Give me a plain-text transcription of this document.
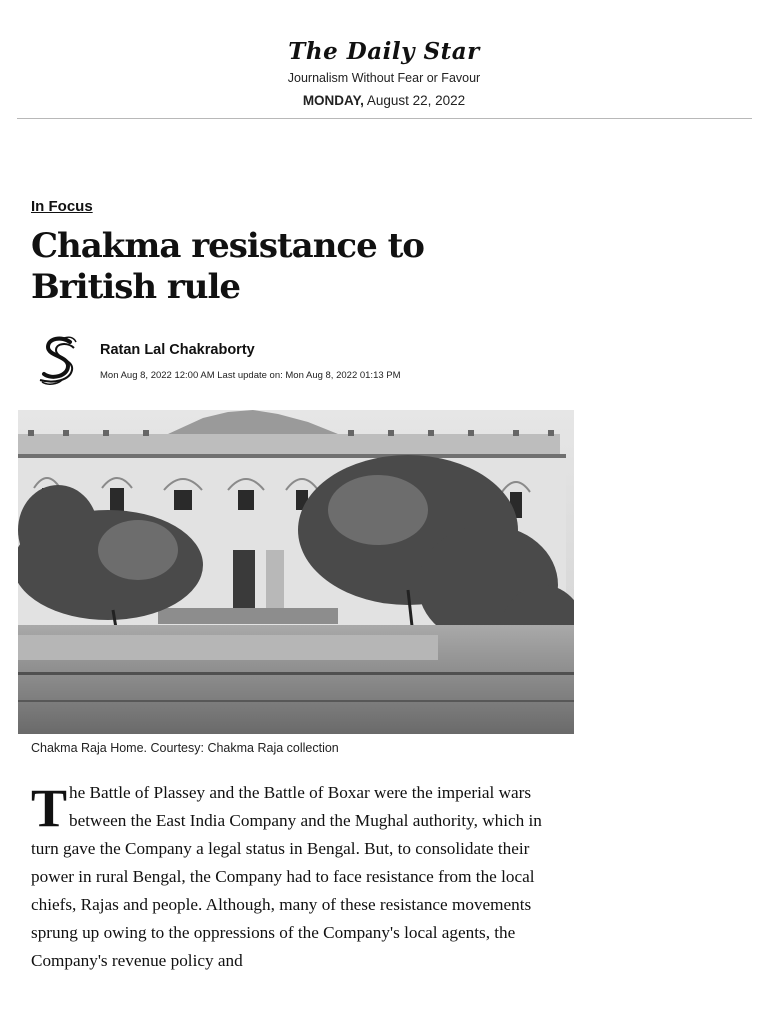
The Daily Star
Journalism Without Fear or Favour
MONDAY, August 22, 2022
In Focus
Chakma resistance to British rule
Ratan Lal Chakraborty
Mon Aug 8, 2022 12:00 AM Last update on: Mon Aug 8, 2022 01:13 PM
Chakma Raja Home. Courtesy: Chakma Raja collection

The Battle of Plassey and the Battle of Boxar were the imperial wars between the East India Company and the Mughal authority, which in turn gave the Company a legal status in Bengal. But, to consolidate their power in rural Bengal, the Company had to face resistance from the local chiefs, Rajas and people. Although, many of these resistance movements sprung up owing to the oppressions of the Company's local agents, the Company's revenue policy and
